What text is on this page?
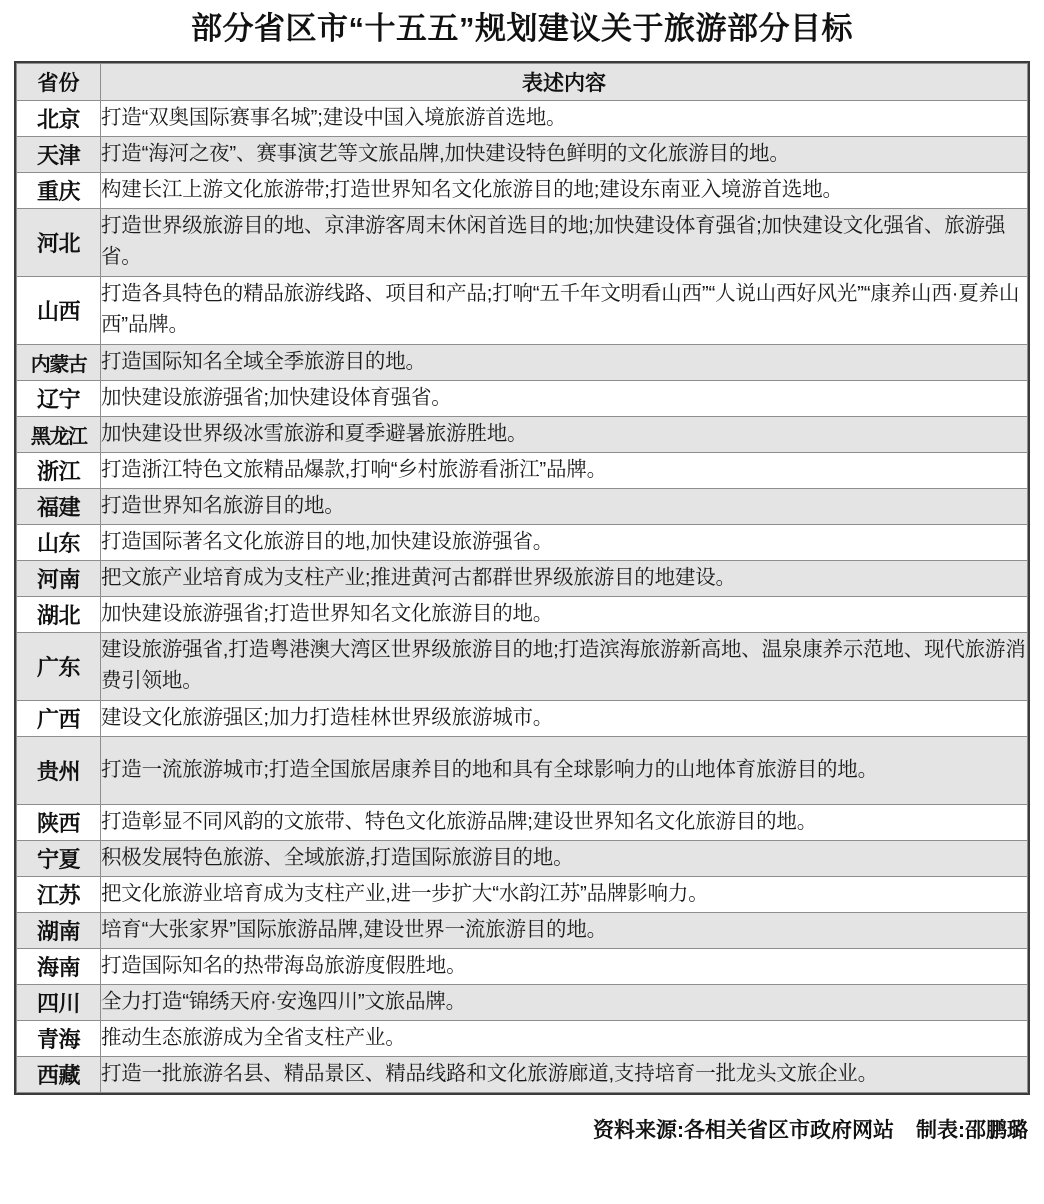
部分省区市“十五五”规划建议关于旅游部分目标
省份	表述内容
北京	打造“双奥国际赛事名城”;建设中国入境旅游首选地。
天津	打造“海河之夜”、赛事演艺等文旅品牌,加快建设特色鲜明的文化旅游目的地。
重庆	构建长江上游文化旅游带;打造世界知名文化旅游目的地;建设东南亚入境游首选地。
河北	打造世界级旅游目的地、京津游客周末休闲首选目的地;加快建设体育强省;加快建设文化强省、旅游强省。
山西	打造各具特色的精品旅游线路、项目和产品;打响“五千年文明看山西”“人说山西好风光”“康养山西·夏养山西”品牌。
内蒙古	打造国际知名全域全季旅游目的地。
辽宁	加快建设旅游强省;加快建设体育强省。
黑龙江	加快建设世界级冰雪旅游和夏季避暑旅游胜地。
浙江	打造浙江特色文旅精品爆款,打响“乡村旅游看浙江”品牌。
福建	打造世界知名旅游目的地。
山东	打造国际著名文化旅游目的地,加快建设旅游强省。
河南	把文旅产业培育成为支柱产业;推进黄河古都群世界级旅游目的地建设。
湖北	加快建设旅游强省;打造世界知名文化旅游目的地。
广东	建设旅游强省,打造粤港澳大湾区世界级旅游目的地;打造滨海旅游新高地、温泉康养示范地、现代旅游消费引领地。
广西	建设文化旅游强区;加力打造桂林世界级旅游城市。
贵州	打造一流旅游城市;打造全国旅居康养目的地和具有全球影响力的山地体育旅游目的地。
陕西	打造彰显不同风韵的文旅带、特色文化旅游品牌;建设世界知名文化旅游目的地。
宁夏	积极发展特色旅游、全域旅游,打造国际旅游目的地。
江苏	把文化旅游业培育成为支柱产业,进一步扩大“水韵江苏”品牌影响力。
湖南	培育“大张家界”国际旅游品牌,建设世界一流旅游目的地。
海南	打造国际知名的热带海岛旅游度假胜地。
四川	全力打造“锦绣天府·安逸四川”文旅品牌。
青海	推动生态旅游成为全省支柱产业。
西藏	打造一批旅游名县、精品景区、精品线路和文化旅游廊道,支持培育一批龙头文旅企业。
资料来源:各相关省区市政府网站 制表:邵鹏璐
